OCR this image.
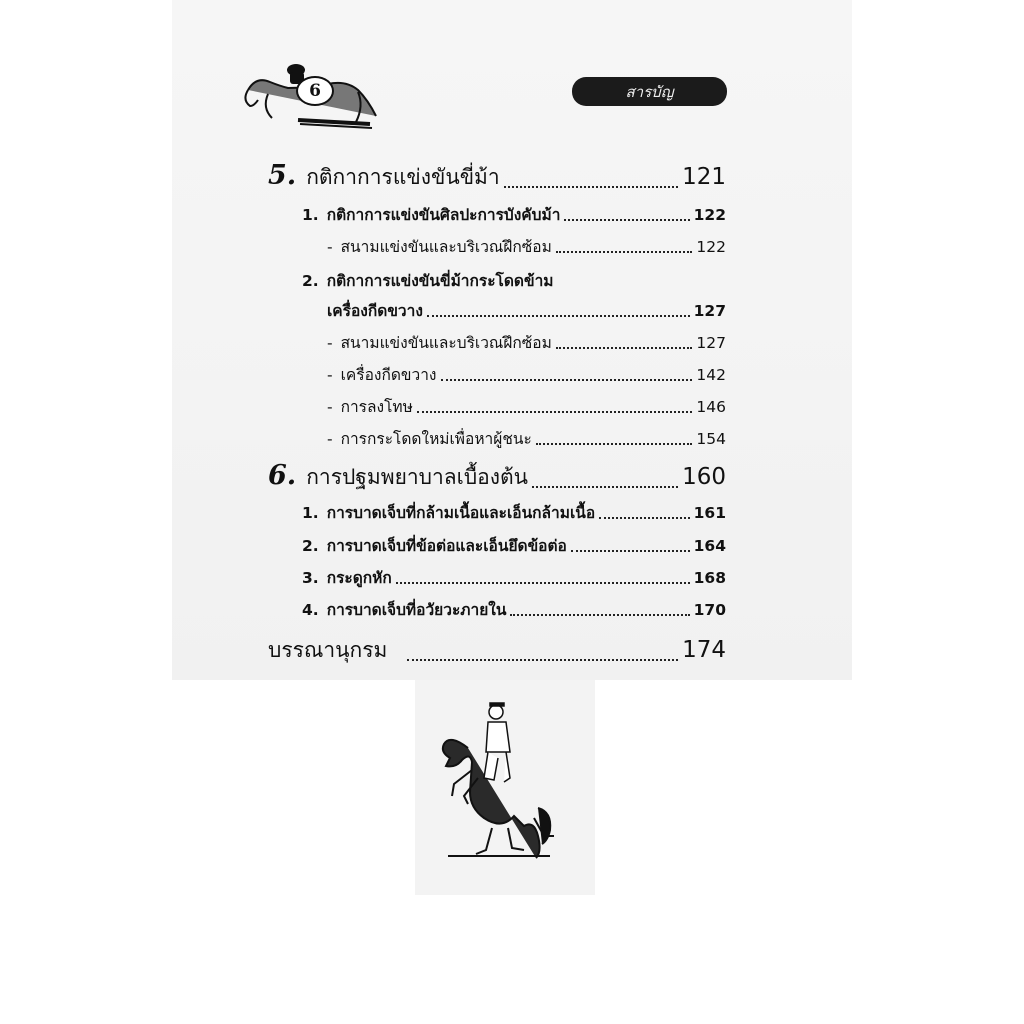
6	สารบัญ
5. กติกาการแข่งขันขี่ม้า	121
1. กติกาการแข่งขันศิลปะการบังคับม้า	122
- สนามแข่งขันและบริเวณฝึกซ้อม	122
2. กติกาการแข่งขันขี่ม้ากระโดดข้าม
เครื่องกีดขวาง	127
- สนามแข่งขันและบริเวณฝึกซ้อม	127
- เครื่องกีดขวาง	142
- การลงโทษ	146
- การกระโดดใหม่เพื่อหาผู้ชนะ	154
6. การปฐมพยาบาลเบื้องต้น	160
1. การบาดเจ็บที่กล้ามเนื้อและเอ็นกล้ามเนื้อ	161
2. การบาดเจ็บที่ข้อต่อและเอ็นยึดข้อต่อ	164
3. กระดูกหัก	168
4. การบาดเจ็บที่อวัยวะภายใน	170
บรรณานุกรม	174
